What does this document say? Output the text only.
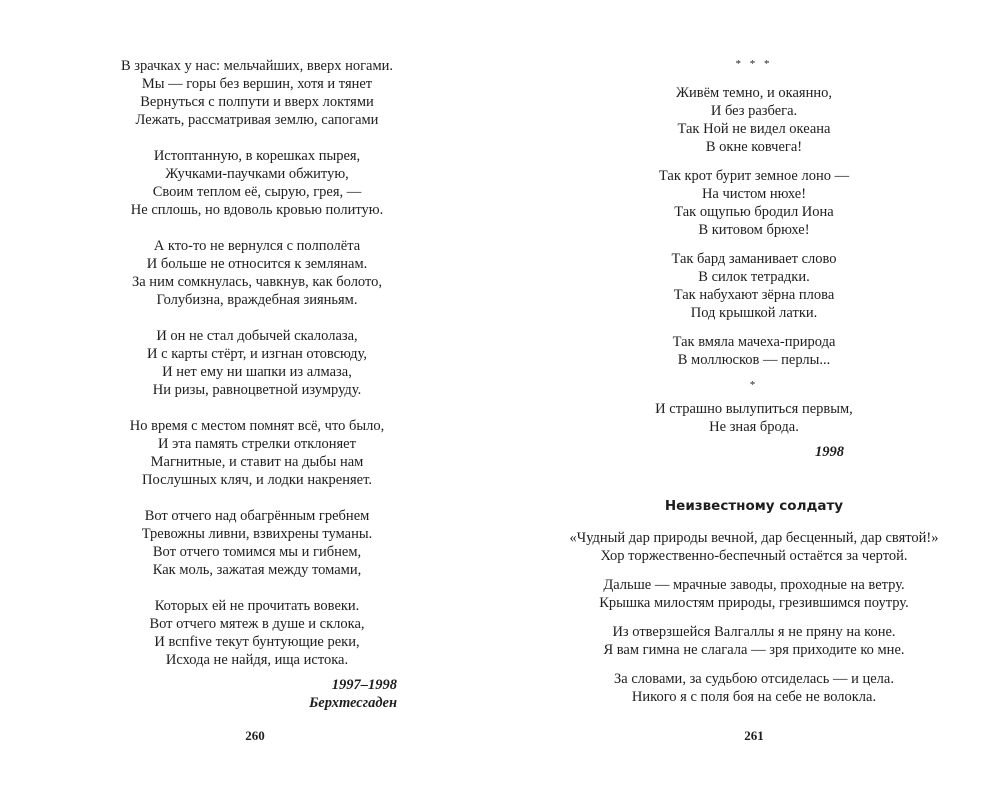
В зрачках у нас: мельчайших, вверх ногами.
Мы — горы без вершин, хотя и тянет
Вернуться с полпути и вверх локтями
Лежать, рассматривая землю, сапогами
Истоптанную, в корешках пырея,
Жучками-паучками обжитую,
Своим теплом её, сырую, грея, —
Не сплошь, но вдоволь кровью политую.
А кто-то не вернулся с полполёта
И больше не относится к землянам.
За ним сомкнулась, чавкнув, как болото,
Голубизна, враждебная зияньям.
И он не стал добычей скалолаза,
И с карты стёрт, и изгнан отовсюду,
И нет ему ни шапки из алмаза,
Ни ризы, равноцветной изумруду.
Но время с местом помнят всё, что было,
И эта память стрелки отклоняет
Магнитные, и ставит на дыбы нам
Послушных кляч, и лодки накреняет.
Вот отчего над обагрённым гребнем
Тревожны ливни, взвихрены туманы.
Вот отчего томимся мы и гибнем,
Как моль, зажатая между томами,
Которых ей не прочитать вовеки.
Вот отчего мятеж в душе и склока,
И вспfive текут бунтующие реки,
Исхода не найдя, ища истока.
1997–1998
Берхтесгаден
260
* * *
Живём темно, и окаянно,
И без разбега.
Так Ной не видел океана
В окне ковчега!
Так крот бурит земное лоно —
На чистом нюхе!
Так ощупью бродил Иона
В китовом брюхе!
Так бард заманивает слово
В силок тетрадки.
Так набухают зёрна плова
Под крышкой латки.
Так вмяла мачеха-природа
В моллюсков — перлы...
*
И страшно вылупиться первым,
Не зная брода.
1998
Неизвестному солдату
«Чудный дар природы вечной, дар бесценный, дар святой!»
Хор торжественно-беспечный остаётся за чертой.
Дальше — мрачные заводы, проходные на ветру.
Крышка милостям природы, грезившимся поутру.
Из отверзшейся Валгаллы я не пряну на коне.
Я вам гимна не слагала — зря приходите ко мне.
За словами, за судьбою отсиделась — и цела.
Никого я с поля боя на себе не волокла.
261
